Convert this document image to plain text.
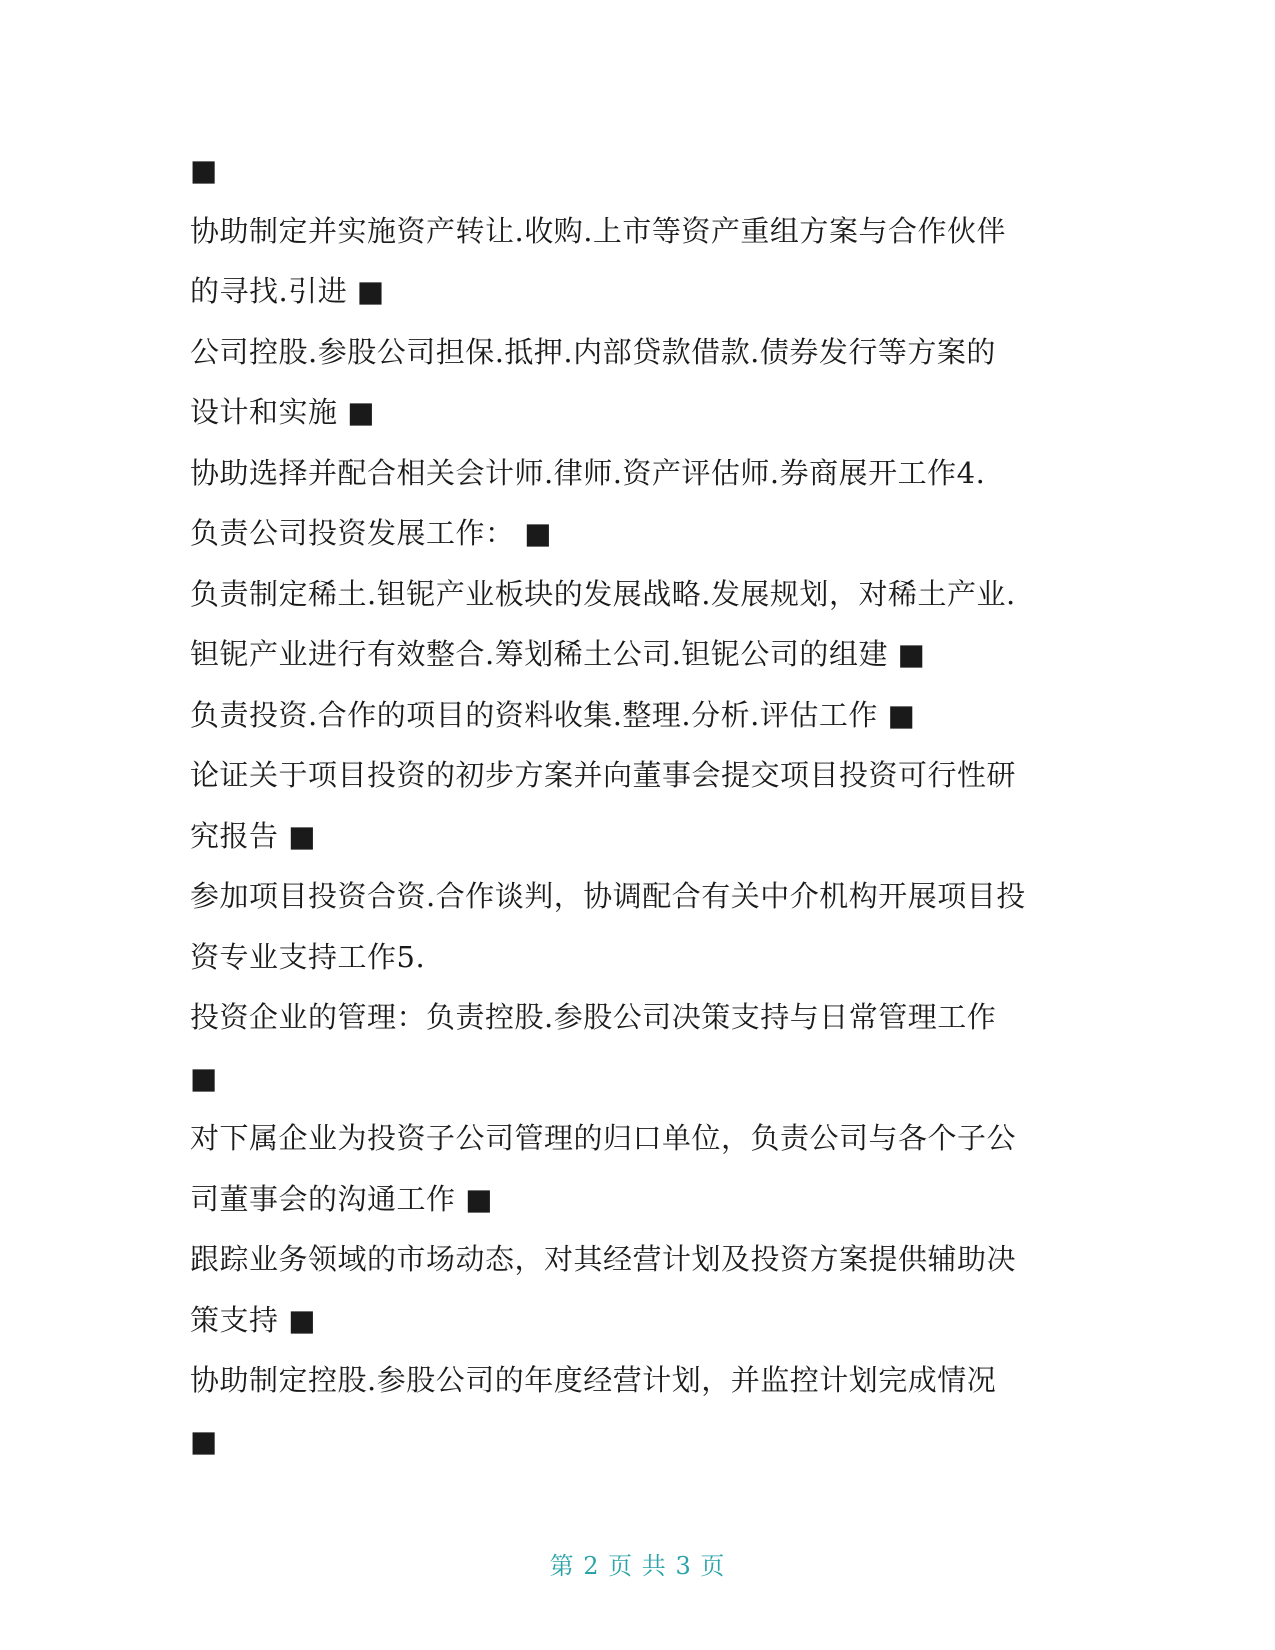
■
协助制定并实施资产转让.收购.上市等资产重组方案与合作伙伴
的寻找.引进 ■
公司控股.参股公司担保.抵押.内部贷款借款.债券发行等方案的
设计和实施 ■
协助选择并配合相关会计师.律师.资产评估师.券商展开工作4.
负责公司投资发展工作： ■
负责制定稀土.钽铌产业板块的发展战略.发展规划，对稀土产业.
钽铌产业进行有效整合.筹划稀土公司.钽铌公司的组建 ■
负责投资.合作的项目的资料收集.整理.分析.评估工作 ■
论证关于项目投资的初步方案并向董事会提交项目投资可行性研
究报告 ■
参加项目投资合资.合作谈判，协调配合有关中介机构开展项目投
资专业支持工作5.
投资企业的管理：负责控股.参股公司决策支持与日常管理工作
■
对下属企业为投资子公司管理的归口单位，负责公司与各个子公
司董事会的沟通工作 ■
跟踪业务领域的市场动态，对其经营计划及投资方案提供辅助决
策支持 ■
协助制定控股.参股公司的年度经营计划，并监控计划完成情况
■
第 2 页 共 3 页
